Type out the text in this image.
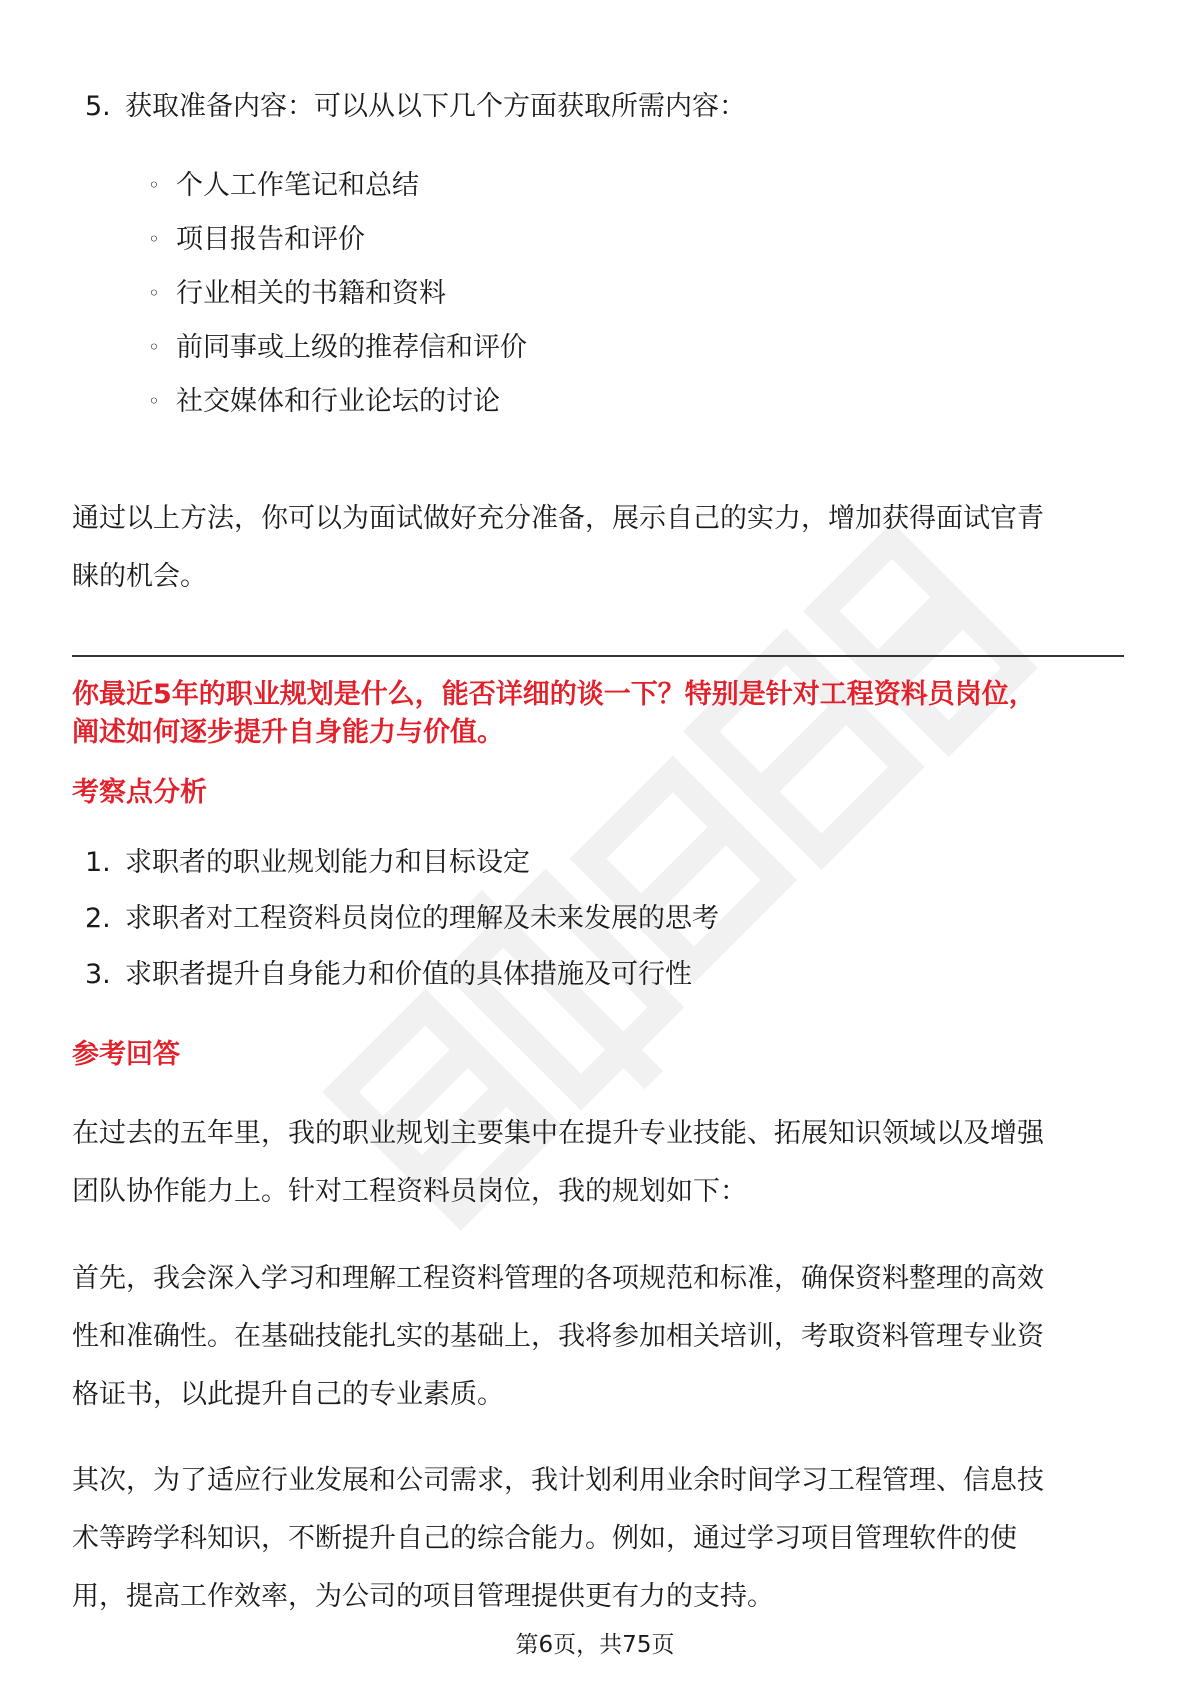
5. 获取准备内容：可以从以下几个方面获取所需内容：
◦ 个人工作笔记和总结
◦ 项目报告和评价
◦ 行业相关的书籍和资料
◦ 前同事或上级的推荐信和评价
◦ 社交媒体和行业论坛的讨论
通过以上方法，你可以为面试做好充分准备，展示自己的实力，增加获得面试官青
睐的机会。
你最近5年的职业规划是什么，能否详细的谈一下？特别是针对工程资料员岗位，
阐述如何逐步提升自身能力与价值。
考察点分析
1. 求职者的职业规划能力和目标设定
2. 求职者对工程资料员岗位的理解及未来发展的思考
3. 求职者提升自身能力和价值的具体措施及可行性
参考回答
在过去的五年里，我的职业规划主要集中在提升专业技能、拓展知识领域以及增强
团队协作能力上。针对工程资料员岗位，我的规划如下：
首先，我会深入学习和理解工程资料管理的各项规范和标准，确保资料整理的高效
性和准确性。在基础技能扎实的基础上，我将参加相关培训，考取资料管理专业资
格证书，以此提升自己的专业素质。
其次，为了适应行业发展和公司需求，我计划利用业余时间学习工程管理、信息技
术等跨学科知识，不断提升自己的综合能力。例如，通过学习项目管理软件的使
用，提高工作效率，为公司的项目管理提供更有力的支持。
第6页，共75页
